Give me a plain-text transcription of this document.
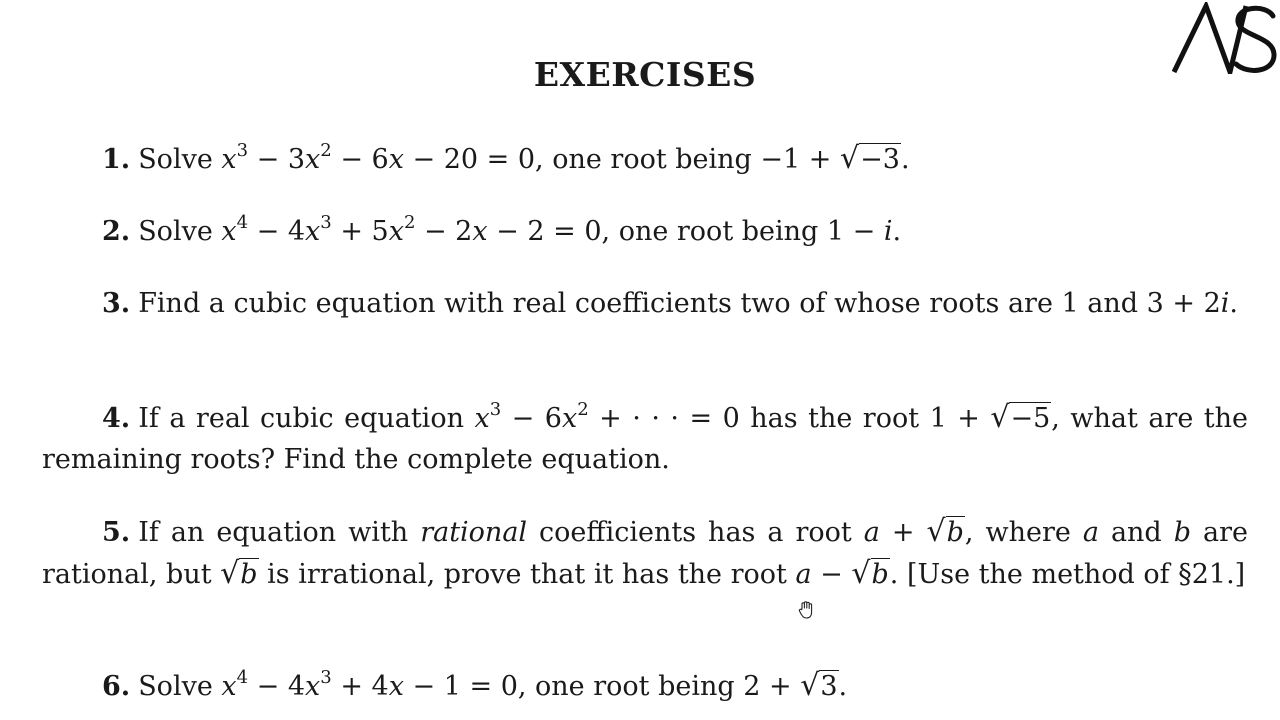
EXERCISES
1. Solve $x^3 - 3x^2 - 6x - 20 = 0$, one root being −1 + √−3.
2. Solve $x^4 - 4x^3 + 5x^2 - 2x - 2 = 0$, one root being 1 − i.
3. Find a cubic equation with real coefficients two of whose roots are 1 and 3 + 2i.
4. If a real cubic equation $x^3 - 6x^2$ + · · · = 0 has the root 1 + √−5, what are the remaining roots? Find the complete equation.
5. If an equation with rational coefficients has a root a + √b, where a and b are rational, but √b is irrational, prove that it has the root a − √b. [Use the method of §21.]
6. Solve $x^4 - 4x^3 + 4x - 1 = 0$, one root being 2 + √3.
